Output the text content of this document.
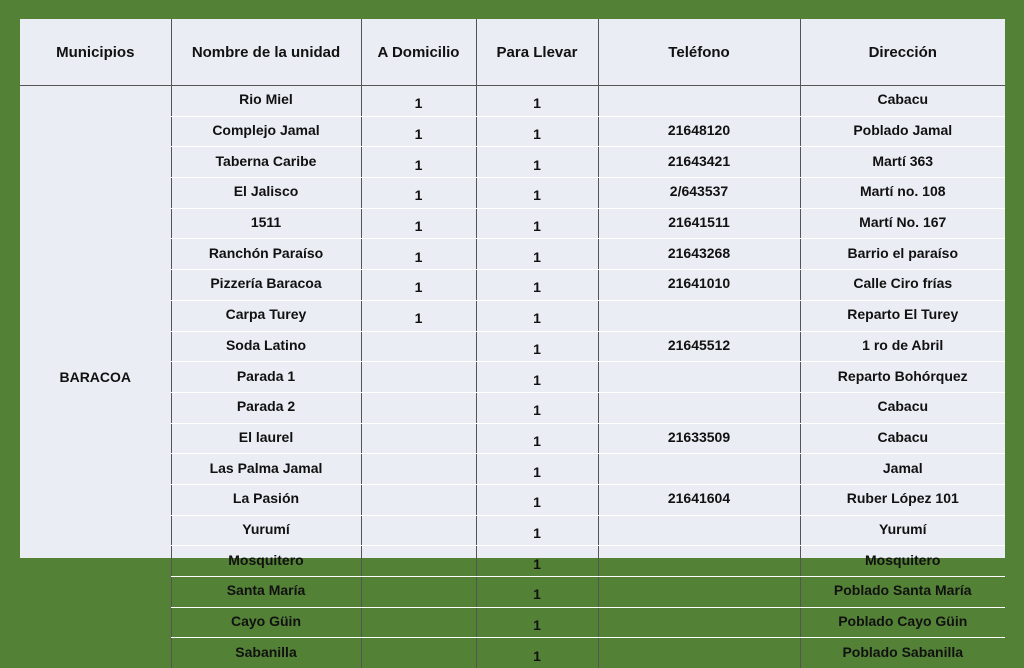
Municipios	Nombre de la unidad	A Domicilio	Para Llevar	Teléfono	Dirección
BARACOA	Rio Miel	1	1		Cabacu
	Complejo Jamal	1	1	21648120	Poblado Jamal
	Taberna Caribe	1	1	21643421	Martí 363
	El Jalisco	1	1	2/643537	Martí no. 108
	1511	1	1	21641511	Martí No. 167
	Ranchón Paraíso	1	1	21643268	Barrio el paraíso
	Pizzería Baracoa	1	1	21641010	Calle Ciro frías
	Carpa Turey	1	1		Reparto El Turey
	Soda Latino		1	21645512	1 ro de Abril
	Parada 1		1		Reparto Bohórquez
	Parada 2		1		Cabacu
	El laurel		1	21633509	Cabacu
	Las Palma Jamal		1		Jamal
	La Pasión		1	21641604	Ruber López 101
	Yurumí		1		Yurumí
	Mosquitero		1		Mosquitero
	Santa María		1		Poblado Santa María
	Cayo Güin		1		Poblado Cayo Güin
	Sabanilla		1		Poblado Sabanilla
